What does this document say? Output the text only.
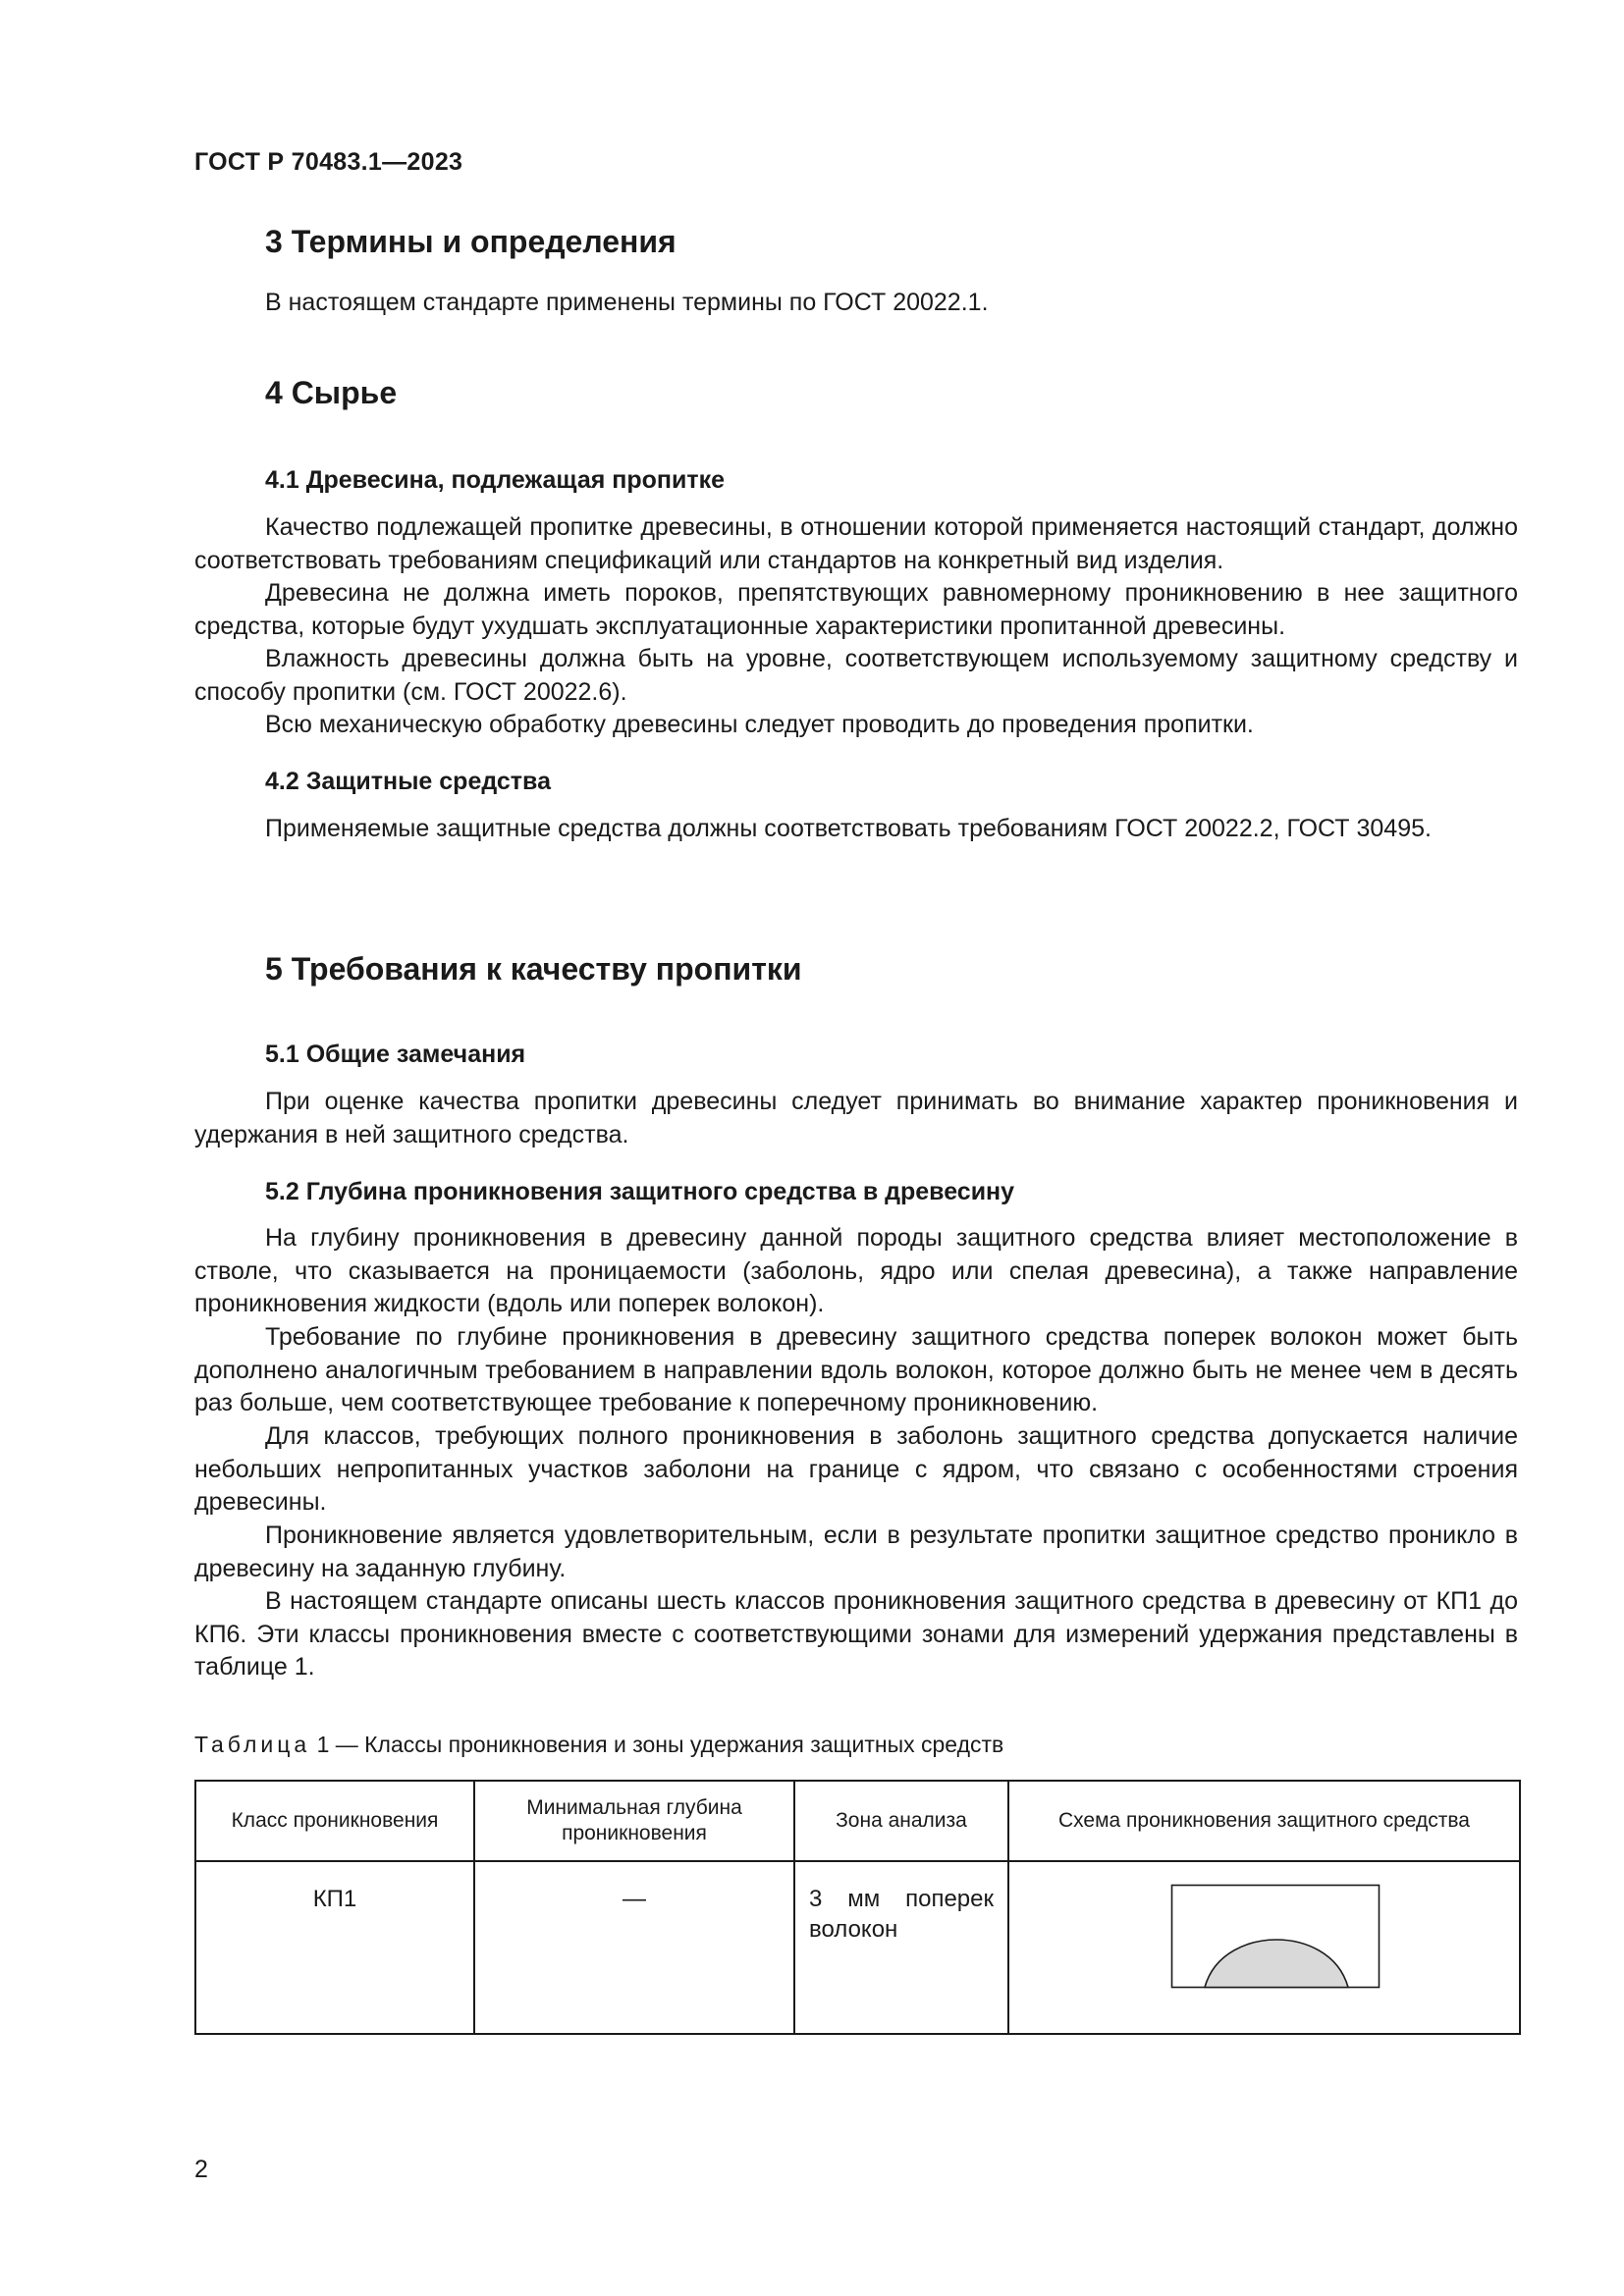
ГОСТ Р 70483.1—2023
3 Термины и определения
В настоящем стандарте применены термины по ГОСТ 20022.1.
4 Сырье
4.1 Древесина, подлежащая пропитке
Качество подлежащей пропитке древесины, в отношении которой применяется настоящий стандарт, должно соответствовать требованиям спецификаций или стандартов на конкретный вид изделия.
Древесина не должна иметь пороков, препятствующих равномерному проникновению в нее защитного средства, которые будут ухудшать эксплуатационные характеристики пропитанной древесины.
Влажность древесины должна быть на уровне, соответствующем используемому защитному средству и способу пропитки (см. ГОСТ 20022.6).
Всю механическую обработку древесины следует проводить до проведения пропитки.
4.2 Защитные средства
Применяемые защитные средства должны соответствовать требованиям ГОСТ 20022.2, ГОСТ 30495.
5 Требования к качеству пропитки
5.1 Общие замечания
При оценке качества пропитки древесины следует принимать во внимание характер проникновения и удержания в ней защитного средства.
5.2 Глубина проникновения защитного средства в древесину
На глубину проникновения в древесину данной породы защитного средства влияет местоположение в стволе, что сказывается на проницаемости (заболонь, ядро или спелая древесина), а также направление проникновения жидкости (вдоль или поперек волокон).
Требование по глубине проникновения в древесину защитного средства поперек волокон может быть дополнено аналогичным требованием в направлении вдоль волокон, которое должно быть не менее чем в десять раз больше, чем соответствующее требование к поперечному проникновению.
Для классов, требующих полного проникновения в заболонь защитного средства допускается наличие небольших непропитанных участков заболони на границе с ядром, что связано с особенностями строения древесины.
Проникновение является удовлетворительным, если в результате пропитки защитное средство проникло в древесину на заданную глубину.
В настоящем стандарте описаны шесть классов проникновения защитного средства в древесину от КП1 до КП6. Эти классы проникновения вместе с соответствующими зонами для измерений удержания представлены в таблице 1.
Таблица 1 — Классы проникновения и зоны удержания защитных средств
Класс проникновения	Минимальная глубина проникновения	Зона анализа	Схема проникновения защитного средства
КП1	—	3 мм поперек волокон	
2
